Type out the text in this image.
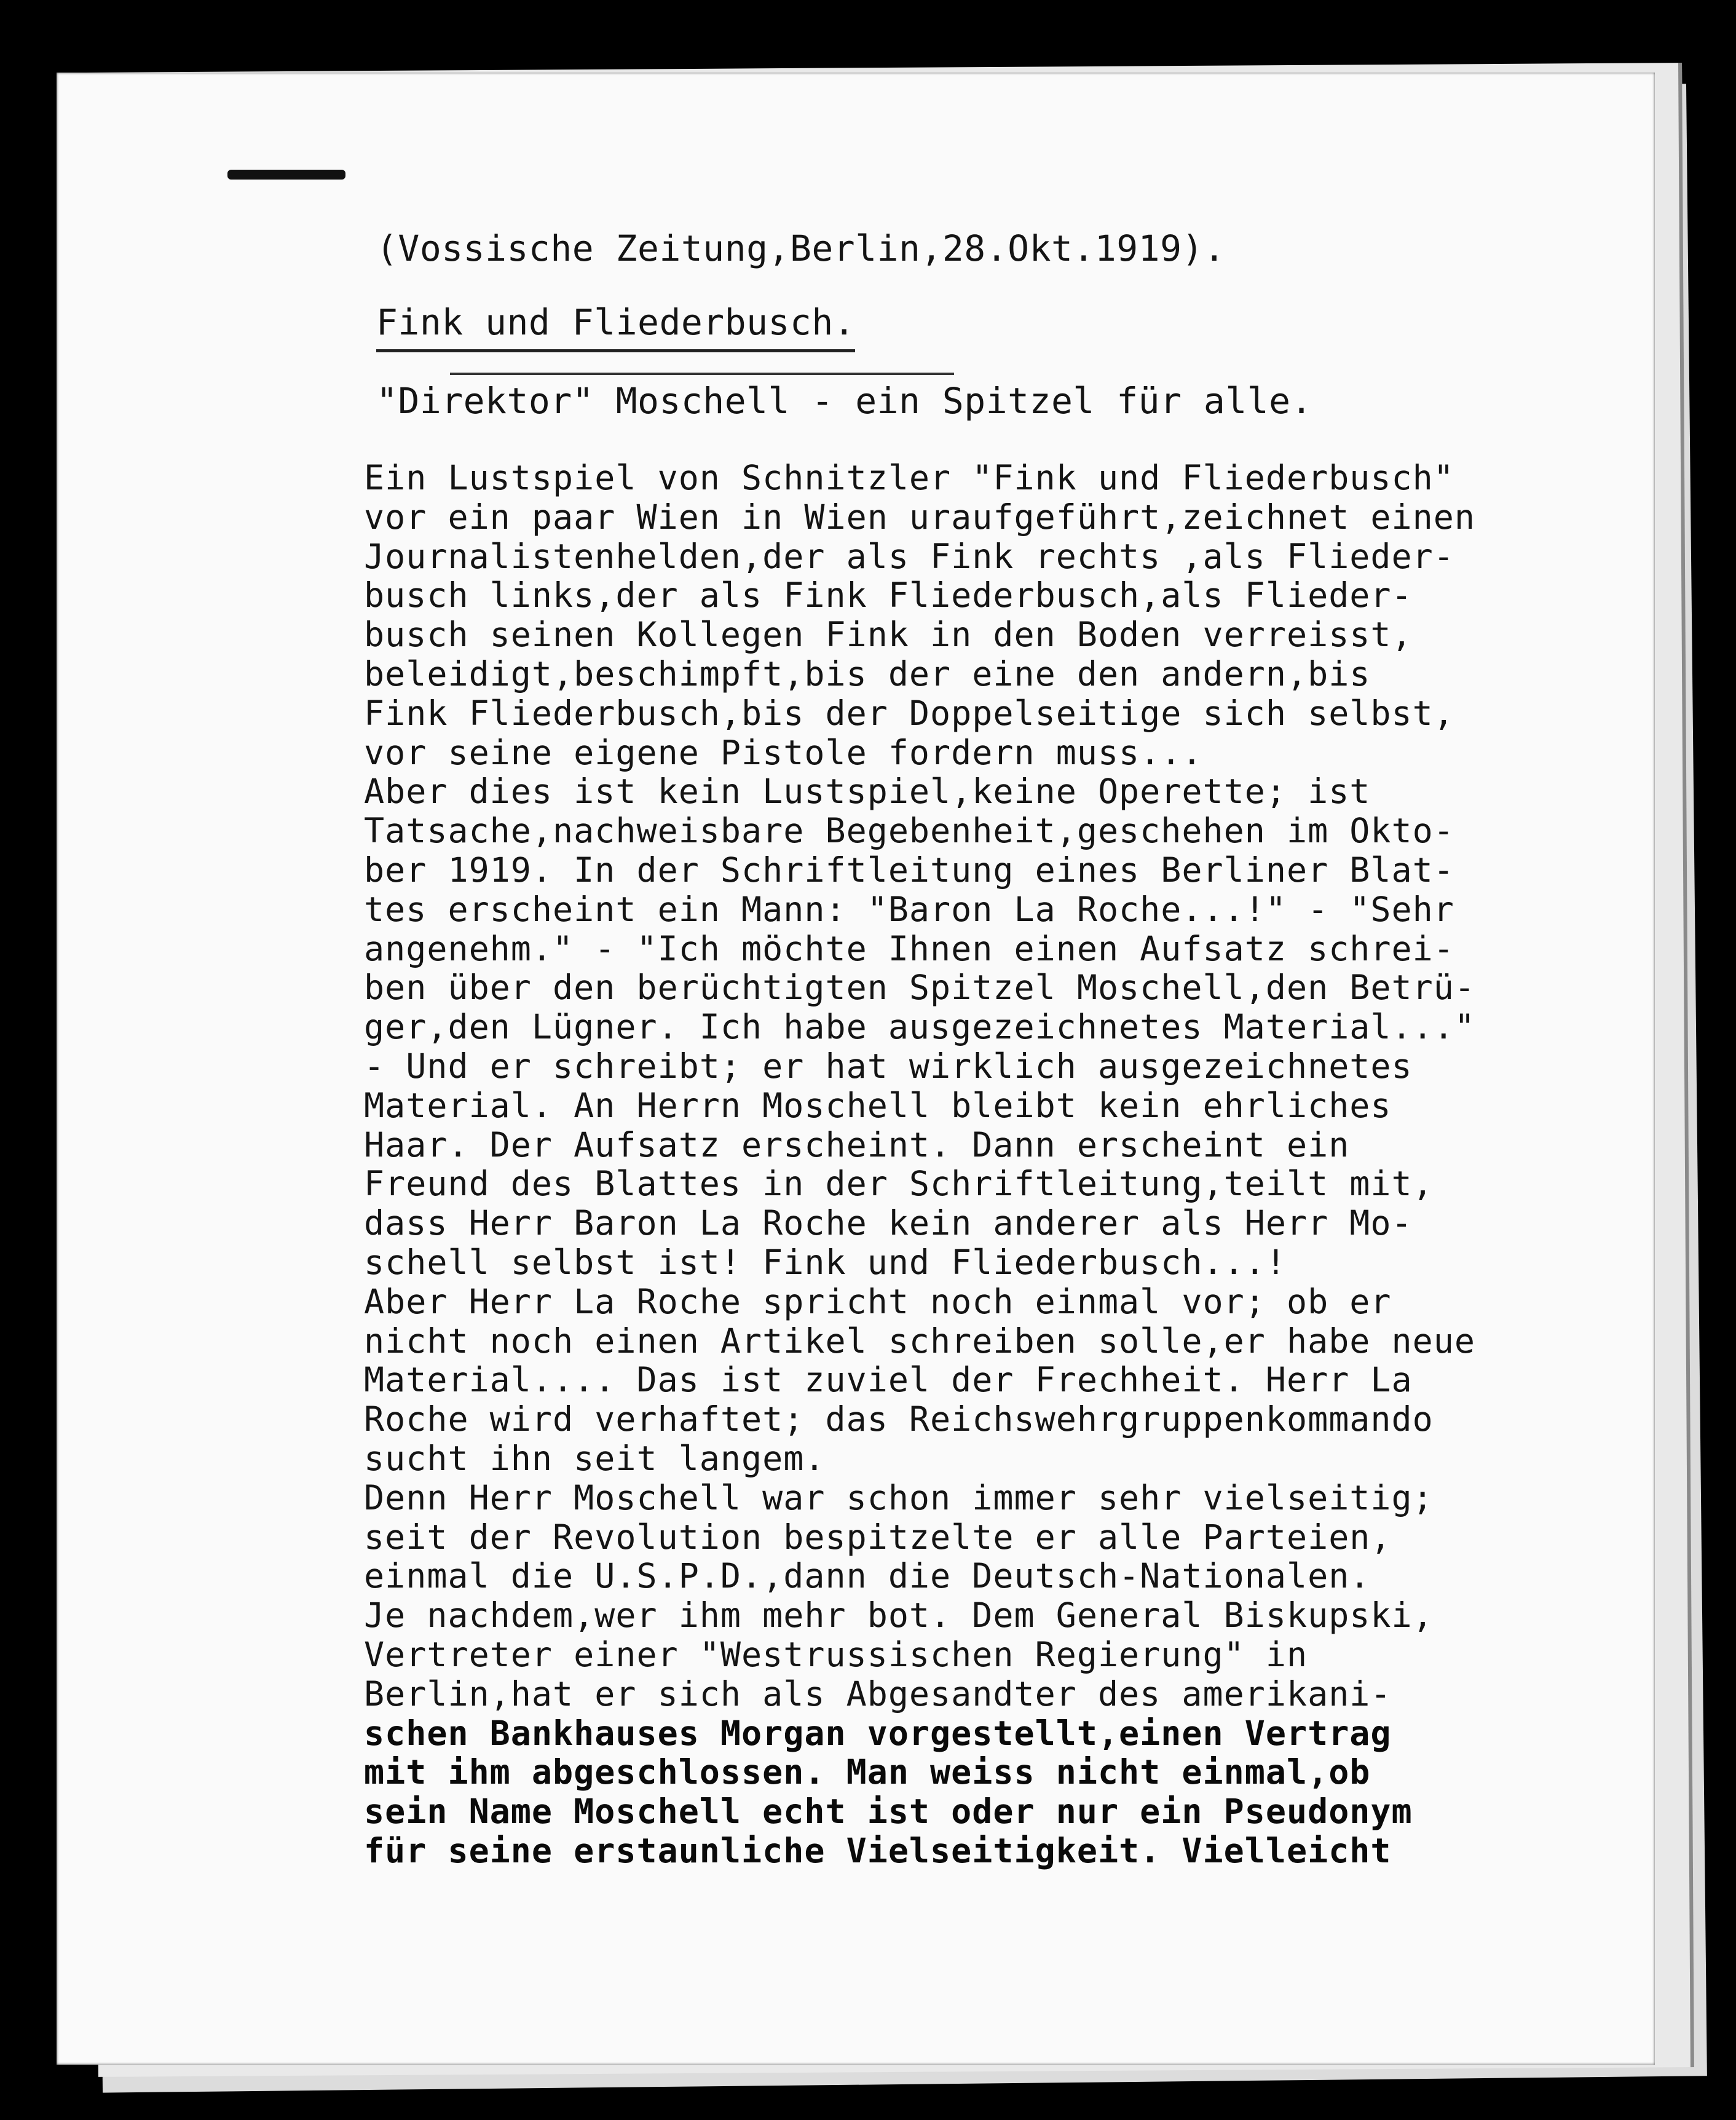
(Vossische Zeitung,Berlin,28.Okt.1919).
Fink und Fliederbusch.
"Direktor" Moschell - ein Spitzel für alle.
Ein Lustspiel von Schnitzler "Fink und Fliederbusch"
vor ein paar Wien in Wien uraufgeführt,zeichnet einen
Journalistenhelden,der als Fink rechts ,als Flieder-
busch links,der als Fink Fliederbusch,als Flieder-
busch seinen Kollegen Fink in den Boden verreisst,
beleidigt,beschimpft,bis der eine den andern,bis
Fink Fliederbusch,bis der Doppelseitige sich selbst,
vor seine eigene Pistole fordern muss...
Aber dies ist kein Lustspiel,keine Operette; ist
Tatsache,nachweisbare Begebenheit,geschehen im Okto-
ber 1919. In der Schriftleitung eines Berliner Blat-
tes erscheint ein Mann: "Baron La Roche...!" - "Sehr
angenehm." - "Ich möchte Ihnen einen Aufsatz schrei-
ben über den berüchtigten Spitzel Moschell,den Betrü-
ger,den Lügner. Ich habe ausgezeichnetes Material..."
- Und er schreibt; er hat wirklich ausgezeichnetes
Material. An Herrn Moschell bleibt kein ehrliches
Haar. Der Aufsatz erscheint. Dann erscheint ein
Freund des Blattes in der Schriftleitung,teilt mit,
dass Herr Baron La Roche kein anderer als Herr Mo-
schell selbst ist! Fink und Fliederbusch...!
Aber Herr La Roche spricht noch einmal vor; ob er
nicht noch einen Artikel schreiben solle,er habe neue
Material.... Das ist zuviel der Frechheit. Herr La
Roche wird verhaftet; das Reichswehrgruppenkommando
sucht ihn seit langem.
Denn Herr Moschell war schon immer sehr vielseitig;
seit der Revolution bespitzelte er alle Parteien,
einmal die U.S.P.D.,dann die Deutsch-Nationalen.
Je nachdem,wer ihm mehr bot. Dem General Biskupski,
Vertreter einer "Westrussischen Regierung" in
Berlin,hat er sich als Abgesandter des amerikani-
schen Bankhauses Morgan vorgestellt,einen Vertrag
mit ihm abgeschlossen. Man weiss nicht einmal,ob
sein Name Moschell echt ist oder nur ein Pseudonym
für seine erstaunliche Vielseitigkeit. Vielleicht
